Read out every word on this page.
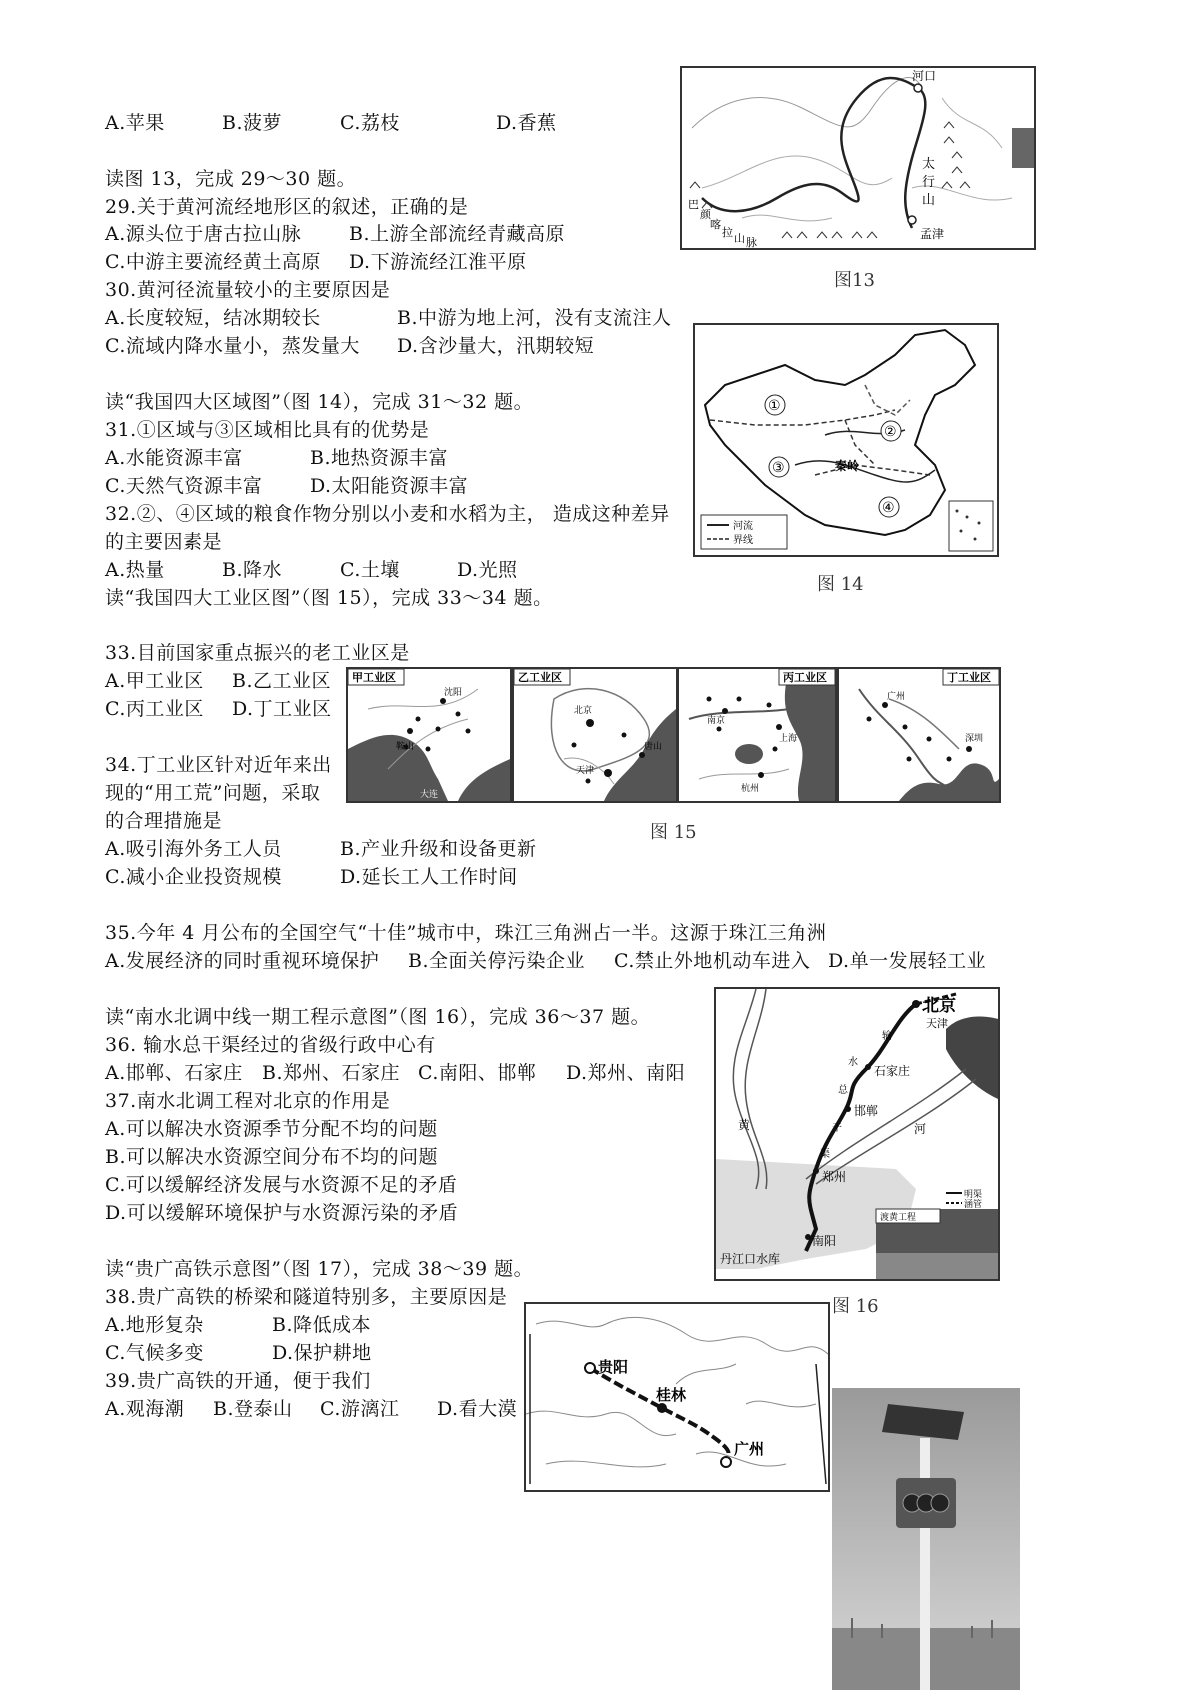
A.苹果	B.菠萝	C.荔枝	D.香蕉
读图 13，完成 29～30 题。
29.关于黄河流经地形区的叙述，正确的是
A.源头位于唐古拉山脉	B.上游全部流经青藏高原
C.中游主要流经黄土高原 D.下游流经江淮平原
30.黄河径流量较小的主要原因是
A.长度较短，结冰期较长	B.中游为地上河，没有支流注人
C.流域内降水量小，蒸发量大 D.含沙量大，汛期较短
读“我国四大区域图”（图 14），完成 31～32 题。
31.①区域与③区域相比具有的优势是
A.水能资源丰富	B.地热资源丰富
C.天然气资源丰富	D.太阳能资源丰富
32.②、④区域的粮食作物分别以小麦和水稻为主， 造成这种差异
的主要因素是
A.热量	B.降水	C.土壤	D.光照
读“我国四大工业区图”（图 15），完成 33～34 题。
33.目前国家重点振兴的老工业区是
A.甲工业区 B.乙工业区
C.丙工业区 D.丁工业区
34.丁工业区针对近年来出
现的“用工荒”问题，采取
的合理措施是
A.吸引海外务工人员	B.产业升级和设备更新
C.减小企业投资规模	D.延长工人工作时间
35.今年 4 月公布的全国空气“十佳”城市中，珠江三角洲占一半。这源于珠江三角洲
A.发展经济的同时重视环境保护 B.全面关停污染企业 C.禁止外地机动车进入 D.单一发展轻工业
读“南水北调中线一期工程示意图”（图 16），完成 36～37 题。
36. 输水总干渠经过的省级行政中心有
A.邯郸、石家庄 B.郑州、石家庄 C.南阳、邯郸 D.郑州、南阳
37.南水北调工程对北京的作用是
A.可以解决水资源季节分配不均的问题
B.可以解决水资源空间分布不均的问题
C.可以缓解经济发展与水资源不足的矛盾
D.可以缓解环境保护与水资源污染的矛盾
读“贵广高铁示意图”（图 17），完成 38～39 题。
38.贵广高铁的桥梁和隧道特别多，主要原因是
A.地形复杂	B.降低成本
C.气候多变	D.保护耕地
39.贵广高铁的开通，便于我们
A.观海潮 B.登泰山 C.游漓江 D.看大漠
河口
太
行
山
巴
颜
喀
拉 山 脉
孟津
图13
①
②
③
④
秦岭
河流
界线
图 14
沈阳
鞍山
大连
甲工业区
北京
唐山
天津
乙工业区
南京
上海
杭州
丙工业区
广州
深圳
丁工业区
图 15
渡黄工程
明渠
涵管
北京
天津
石家庄
邯郸
郑州
南阳
丹江口水库
输
水
总
干
渠
黄	河
图 16
贵阳
桂林
广州
